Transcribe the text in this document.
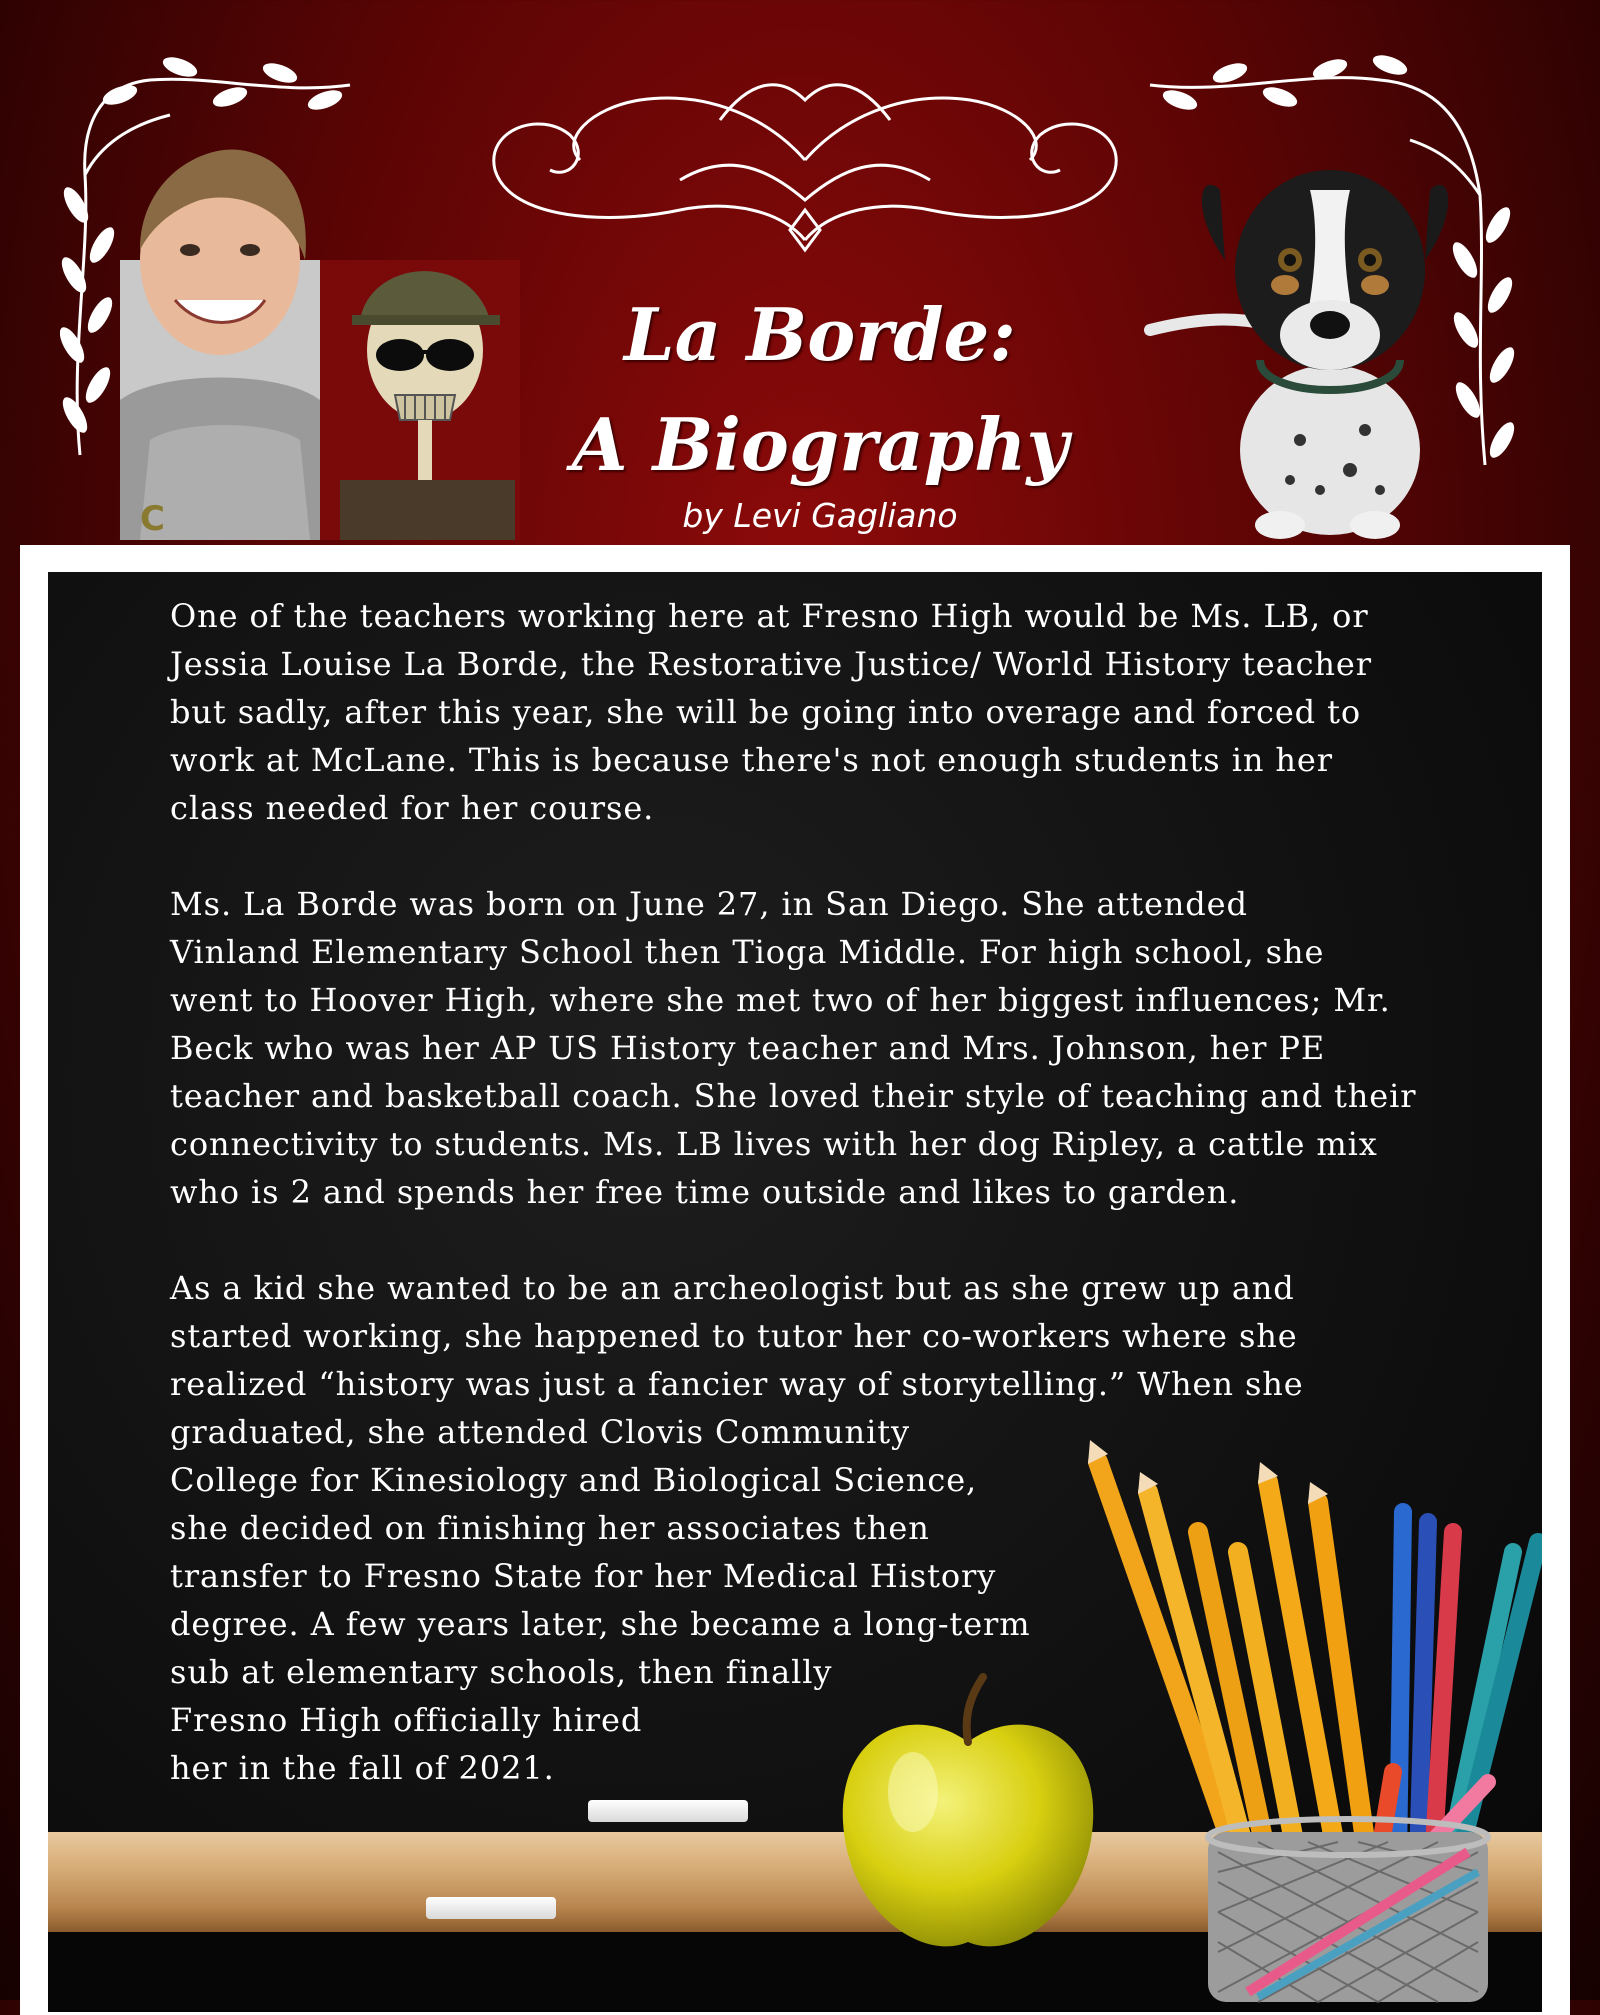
C
La Borde:
A Biography
by Levi Gagliano

One of the teachers working here at Fresno High would be Ms. LB, or
Jessia Louise La Borde, the Restorative Justice/ World History teacher
but sadly, after this year, she will be going into overage and forced to
work at McLane. This is because there's not enough students in her
class needed for her course.

Ms. La Borde was born on June 27, in San Diego. She attended
Vinland Elementary School then Tioga Middle. For high school, she
went to Hoover High, where she met two of her biggest influences; Mr.
Beck who was her AP US History teacher and Mrs. Johnson, her PE
teacher and basketball coach. She loved their style of teaching and their
connectivity to students. Ms. LB lives with her dog Ripley, a cattle mix
who is 2 and spends her free time outside and likes to garden.

As a kid she wanted to be an archeologist but as she grew up and
started working, she happened to tutor her co-workers where she
realized “history was just a fancier way of storytelling.” When she
graduated, she attended Clovis Community
College for Kinesiology and Biological Science,
she decided on finishing her associates then
transfer to Fresno State for her Medical History
degree. A few years later, she became a long-term
sub at elementary schools, then finally
Fresno High officially hired
her in the fall of 2021.
